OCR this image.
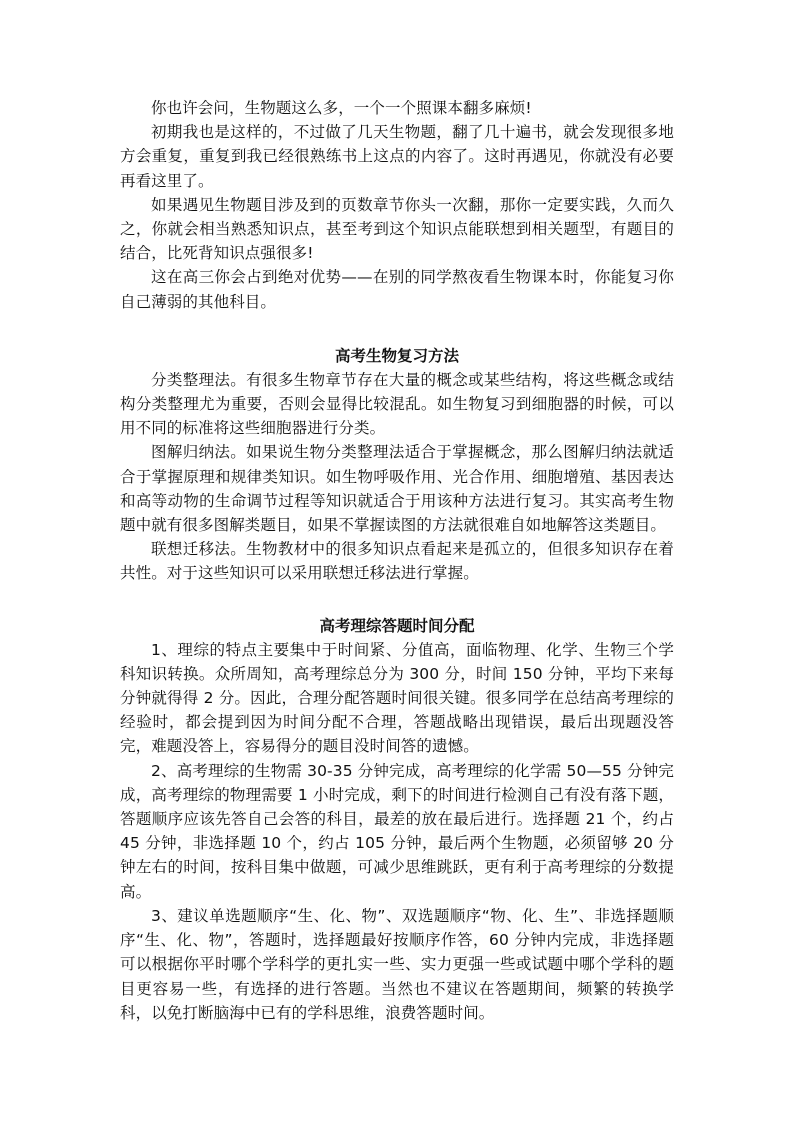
你也许会问，生物题这么多，一个一个照课本翻多麻烦!

初期我也是这样的，不过做了几天生物题，翻了几十遍书，就会发现很多地方会重复，重复到我已经很熟练书上这点的内容了。这时再遇见，你就没有必要再看这里了。

如果遇见生物题目涉及到的页数章节你头一次翻，那你一定要实践，久而久之，你就会相当熟悉知识点，甚至考到这个知识点能联想到相关题型，有题目的结合，比死背知识点强很多!

这在高三你会占到绝对优势——在别的同学熬夜看生物课本时，你能复习你自己薄弱的其他科目。

高考生物复习方法

分类整理法。有很多生物章节存在大量的概念或某些结构，将这些概念或结构分类整理尤为重要，否则会显得比较混乱。如生物复习到细胞器的时候，可以用不同的标准将这些细胞器进行分类。

图解归纳法。如果说生物分类整理法适合于掌握概念，那么图解归纳法就适合于掌握原理和规律类知识。如生物呼吸作用、光合作用、细胞增殖、基因表达和高等动物的生命调节过程等知识就适合于用该种方法进行复习。其实高考生物题中就有很多图解类题目，如果不掌握读图的方法就很难自如地解答这类题目。

联想迁移法。生物教材中的很多知识点看起来是孤立的，但很多知识存在着共性。对于这些知识可以采用联想迁移法进行掌握。

高考理综答题时间分配

1、理综的特点主要集中于时间紧、分值高，面临物理、化学、生物三个学科知识转换。众所周知，高考理综总分为 300 分，时间 150 分钟，平均下来每分钟就得得 2 分。因此，合理分配答题时间很关键。很多同学在总结高考理综的经验时，都会提到因为时间分配不合理，答题战略出现错误，最后出现题没答完，难题没答上，容易得分的题目没时间答的遗憾。

2、高考理综的生物需 30-35 分钟完成，高考理综的化学需 50—55 分钟完成，高考理综的物理需要 1 小时完成，剩下的时间进行检测自己有没有落下题，答题顺序应该先答自己会答的科目，最差的放在最后进行。选择题 21 个，约占 45 分钟，非选择题 10 个，约占 105 分钟，最后两个生物题，必须留够 20 分钟左右的时间，按科目集中做题，可减少思维跳跃，更有利于高考理综的分数提高。

3、建议单选题顺序“生、化、物”、双选题顺序“物、化、生”、非选择题顺序“生、化、物”，答题时，选择题最好按顺序作答，60 分钟内完成，非选择题可以根据你平时哪个学科学的更扎实一些、实力更强一些或试题中哪个学科的题目更容易一些，有选择的进行答题。当然也不建议在答题期间，频繁的转换学科，以免打断脑海中已有的学科思维，浪费答题时间。
